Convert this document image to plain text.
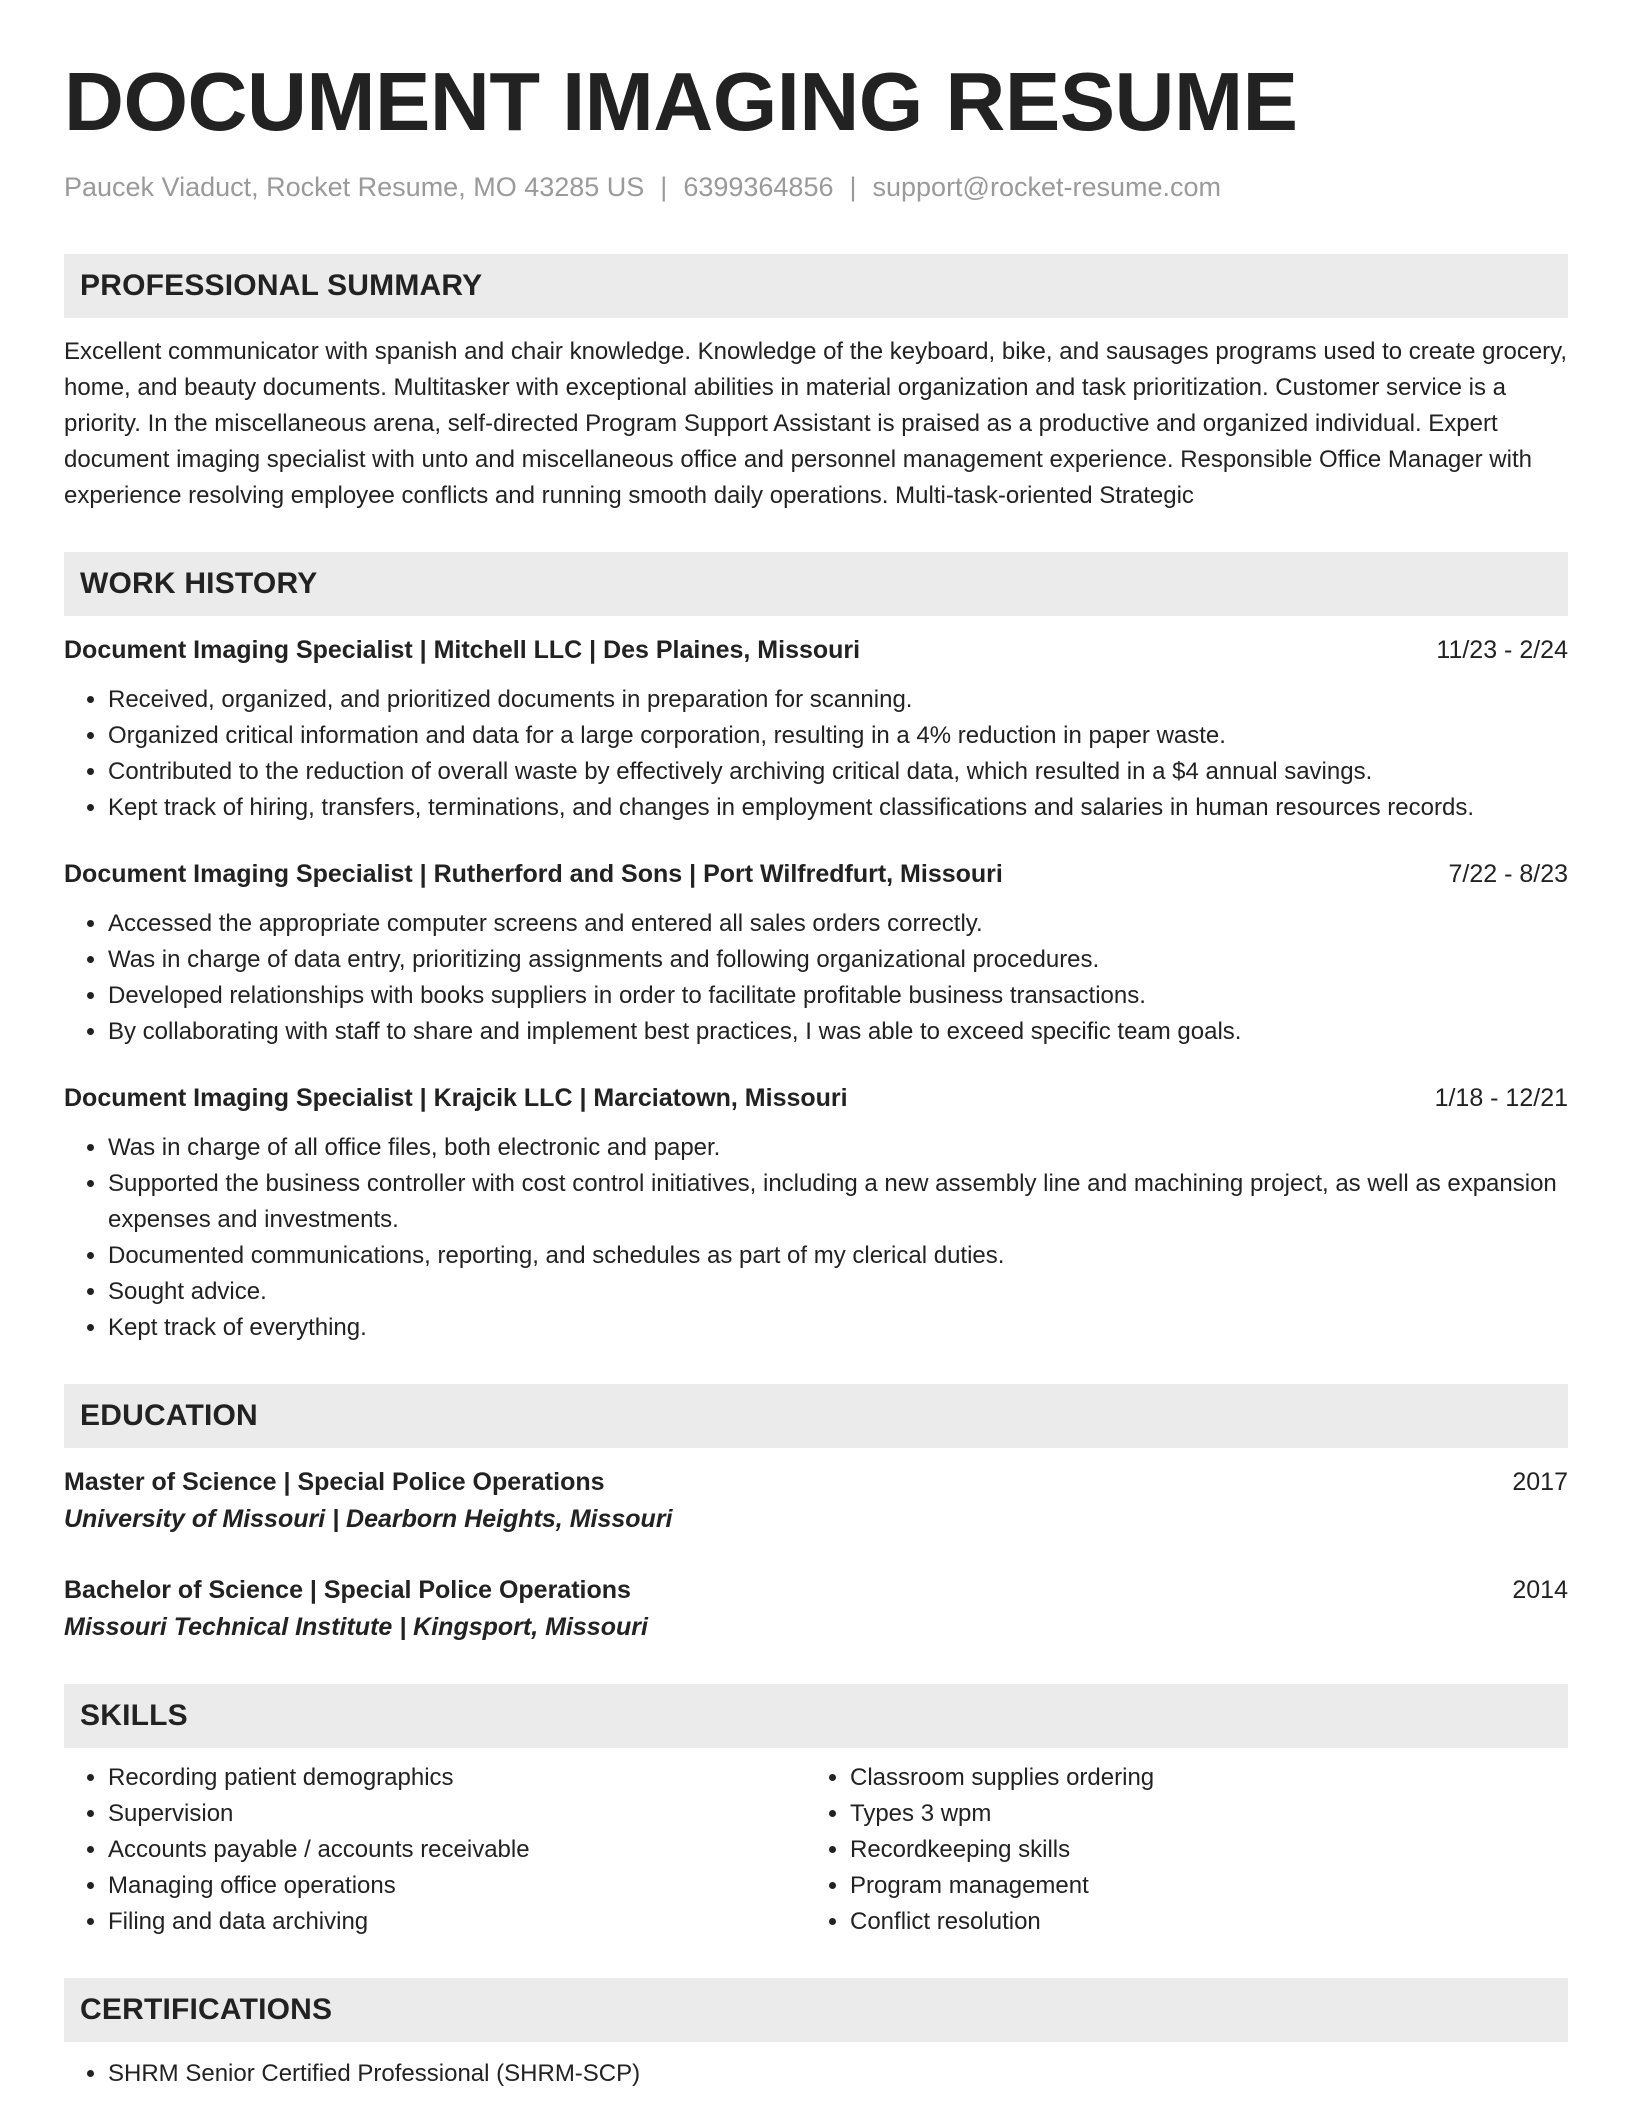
DOCUMENT IMAGING RESUME
Paucek Viaduct, Rocket Resume, MO 43285 US | 6399364856 | support@rocket-resume.com
PROFESSIONAL SUMMARY
Excellent communicator with spanish and chair knowledge. Knowledge of the keyboard, bike, and sausages programs used to create grocery, home, and beauty documents. Multitasker with exceptional abilities in material organization and task prioritization. Customer service is a priority. In the miscellaneous arena, self-directed Program Support Assistant is praised as a productive and organized individual. Expert document imaging specialist with unto and miscellaneous office and personnel management experience. Responsible Office Manager with experience resolving employee conflicts and running smooth daily operations. Multi-task-oriented Strategic
WORK HISTORY
Document Imaging Specialist | Mitchell LLC | Des Plaines, Missouri	11/23 - 2/24
• Received, organized, and prioritized documents in preparation for scanning.
• Organized critical information and data for a large corporation, resulting in a 4% reduction in paper waste.
• Contributed to the reduction of overall waste by effectively archiving critical data, which resulted in a $4 annual savings.
• Kept track of hiring, transfers, terminations, and changes in employment classifications and salaries in human resources records.
Document Imaging Specialist | Rutherford and Sons | Port Wilfredfurt, Missouri	7/22 - 8/23
• Accessed the appropriate computer screens and entered all sales orders correctly.
• Was in charge of data entry, prioritizing assignments and following organizational procedures.
• Developed relationships with books suppliers in order to facilitate profitable business transactions.
• By collaborating with staff to share and implement best practices, I was able to exceed specific team goals.
Document Imaging Specialist | Krajcik LLC | Marciatown, Missouri	1/18 - 12/21
• Was in charge of all office files, both electronic and paper.
• Supported the business controller with cost control initiatives, including a new assembly line and machining project, as well as expansion expenses and investments.
• Documented communications, reporting, and schedules as part of my clerical duties.
• Sought advice.
• Kept track of everything.
EDUCATION
Master of Science | Special Police Operations	2017
University of Missouri | Dearborn Heights, Missouri
Bachelor of Science | Special Police Operations	2014
Missouri Technical Institute | Kingsport, Missouri
SKILLS
• Recording patient demographics
• Supervision
• Accounts payable / accounts receivable
• Managing office operations
• Filing and data archiving
• Classroom supplies ordering
• Types 3 wpm
• Recordkeeping skills
• Program management
• Conflict resolution
CERTIFICATIONS
• SHRM Senior Certified Professional (SHRM-SCP)
